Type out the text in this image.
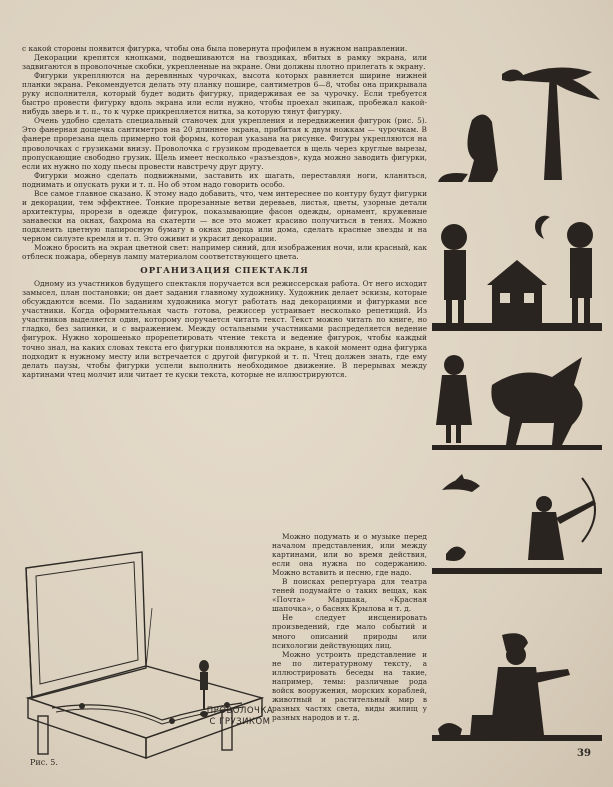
с какой стороны появится фигурка, чтобы она была повернута профилем в нужном направлении.

Декорации крепятся кнопками, подвешиваются на гвоздиках, вбитых в рамку экрана, или задвигаются в проволочные скобки, укрепленные на экране. Они должны плотно прилегать к экрану.

Фигурки укрепляются на деревянных чурочках, высота которых равняется ширине нижней планки экрана. Рекомендуется делать эту планку пошире, сантиметров 6—8, чтобы она прикрывала руку исполнителя, который будет водить фигурку, придерживая ее за чурочку. Если требуется быстро провести фигурку вдоль экрана или если нужно, чтобы проехал экипаж, пробежал какой-нибудь зверь и т. п., то к чурке прикрепляется нитка, за которую тянут фигурку.

Очень удобно сделать специальный станочек для укрепления и передвижения фигурок (рис. 5). Это фанерная дощечка сантиметров на 20 длиннее экрана, прибитая к двум ножкам — чурочкам. В фанере прорезана щель примерно той формы, которая указана на рисунке. Фигуры укрепляются на проволочках с грузиками внизу. Проволочка с грузиком продевается в щель через круглые вырезы, пропускающие свободно грузик. Щель имеет несколько «разъездов», куда можно заводить фигурки, если их нужно по ходу пьесы провести навстречу друг другу.

Фигурки можно сделать подвижными, заставить их шагать, переставляя ноги, кланяться, поднимать и опускать руки и т. п. Но об этом надо говорить особо.

Все самое главное сказано. К этому надо добавить, что, чем интереснее по контуру будут фигурки и декорации, тем эффектнее. Тонкие прорезанные ветви деревьев, листья, цветы, узорные детали архитектуры, прорези в одежде фигурок, показывающие фасон одежды, орнамент, кружевные занавески на окнах, бахрома на скатерти — все это может красиво получиться в тенях. Можно подклеить цветную папиросную бумагу в окнах дворца или дома, сделать красные звезды и на черном силуэте кремля и т. п. Это оживит и украсит декорации.

Можно бросить на экран цветной свет: например синий, для изображения ночи, или красный, как отблеск пожара, обернув лампу материалом соответствующего цвета.

ОРГАНИЗАЦИЯ СПЕКТАКЛЯ

Одному из участников будущего спектакля поручается вся режиссерская работа. От него исходит замысел, план постановки; он дает задания главному художнику. Художник делает эскизы, которые обсуждаются всеми. По заданиям художника могут работать над декорациями и фигурками все участники. Когда оформительная часть готова, режиссер устраивает несколько репетиций. Из участников выделяется один, которому поручается читать текст. Текст можно читать по книге, но гладко, без запинки, и с выражением. Между остальными участниками распределяется ведение фигурок. Нужно хорошенько прорепетировать чтение текста и ведение фигурок, чтобы каждый точно знал, на каких словах текста его фигурки появляются на экране, в какой момент одна фигурка подходит к нужному месту или встречается с другой фигуркой и т. п. Чтец должен знать, где ему делать паузы, чтобы фигурки успели выполнить необходимое движение. В перерывах между картинами чтец молчит или читает те куски текста, которые не иллюстрируются.

Можно подумать и о музыке перед началом представления, или между картинами, или во время действия, если она нужна по содержанию. Можно вставить и песню, где надо.

В поисках репертуара для театра теней подумайте о таких вещах, как «Почта» Маршака, «Красная шапочка», о баснях Крылова и т. д.

Не следует инсценировать произведений, где мало событий и много описаний природы или психологии действующих лиц.

Можно устроить представление и не по литературному тексту, а иллюстрировать беседы на такие, например, темы: различные рода войск вооружения, морских кораблей, животный и растительный мир в разных частях света, виды жилищ у разных народов и т. д.

ПРОВОЛОЧКА
С ГРУЗИКОМ
Рис. 5.
39
